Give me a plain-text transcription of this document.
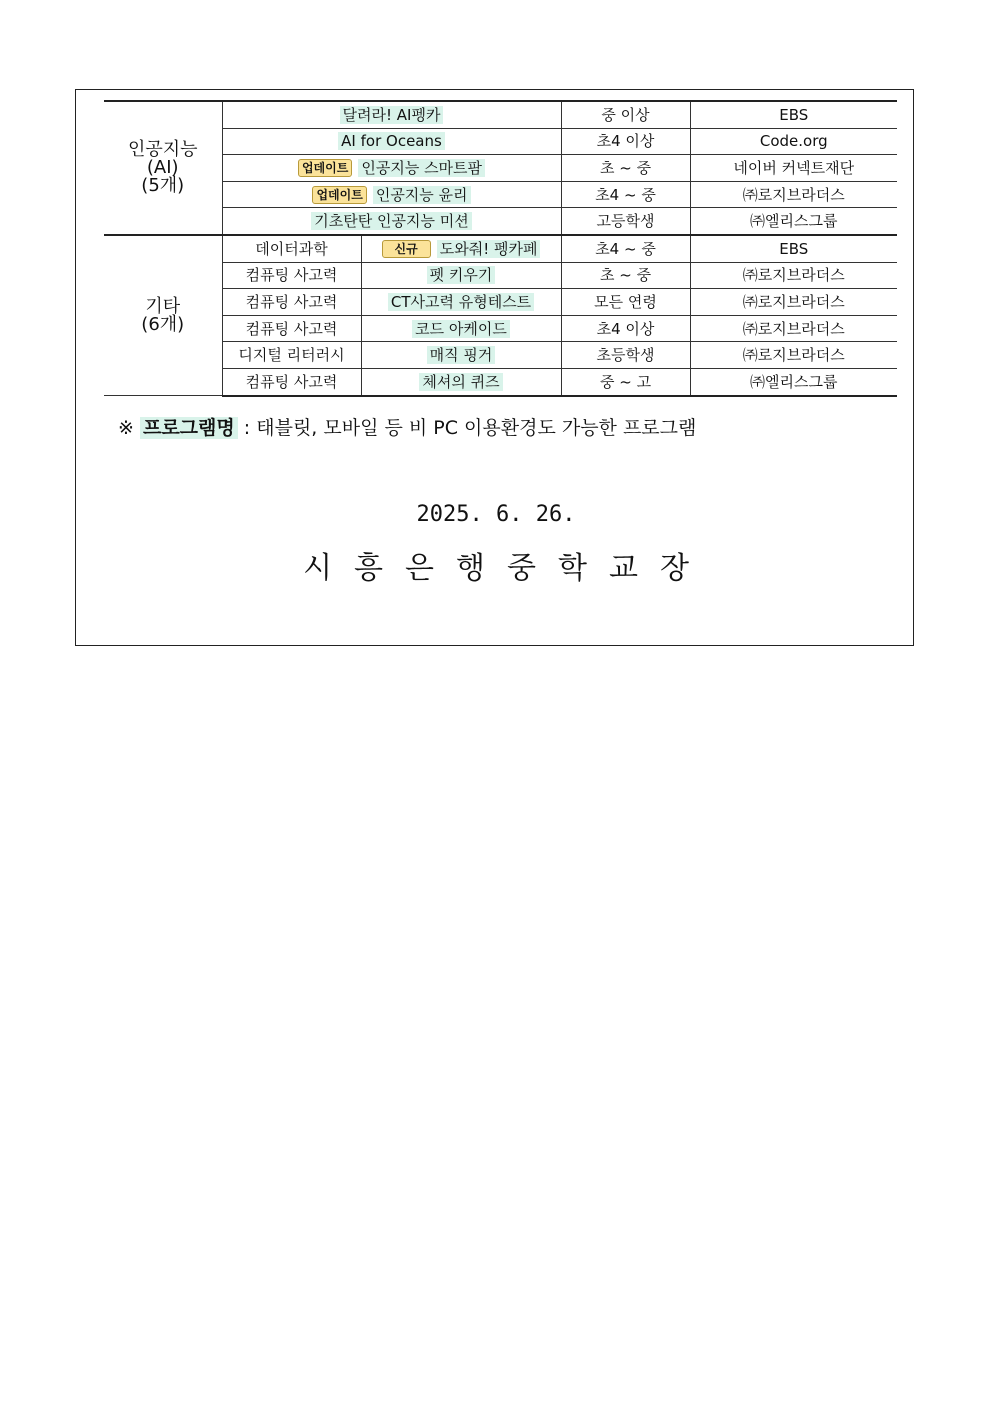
인공지능
(AI)
(5개)	달려라! AI펭카		중 이상	EBS
	AI for Oceans		초4 이상	Code.org
	업데이트 인공지능 스마트팜		초 ~ 중	네이버 커넥트재단
	업데이트 인공지능 윤리		초4 ~ 중	㈜로지브라더스
	기초탄탄 인공지능 미션		고등학생	㈜엘리스그룹

기타
(6개)	데이터과학	신규 도와줘! 펭카페	초4 ~ 중	EBS
	컴퓨팅 사고력	펫 키우기	초 ~ 중	㈜로지브라더스
	컴퓨팅 사고력	CT사고력 유형테스트	모든 연령	㈜로지브라더스
	컴퓨팅 사고력	코드 아케이드	초4 이상	㈜로지브라더스
	디지털 리터러시	매직 핑거	초등학생	㈜로지브라더스
	컴퓨팅 사고력	체셔의 퀴즈	중 ~ 고	㈜엘리스그룹
※ 프로그램명 : 태블릿, 모바일 등 비 PC 이용환경도 가능한 프로그램
2025. 6. 26.
시흥은행중학교장
